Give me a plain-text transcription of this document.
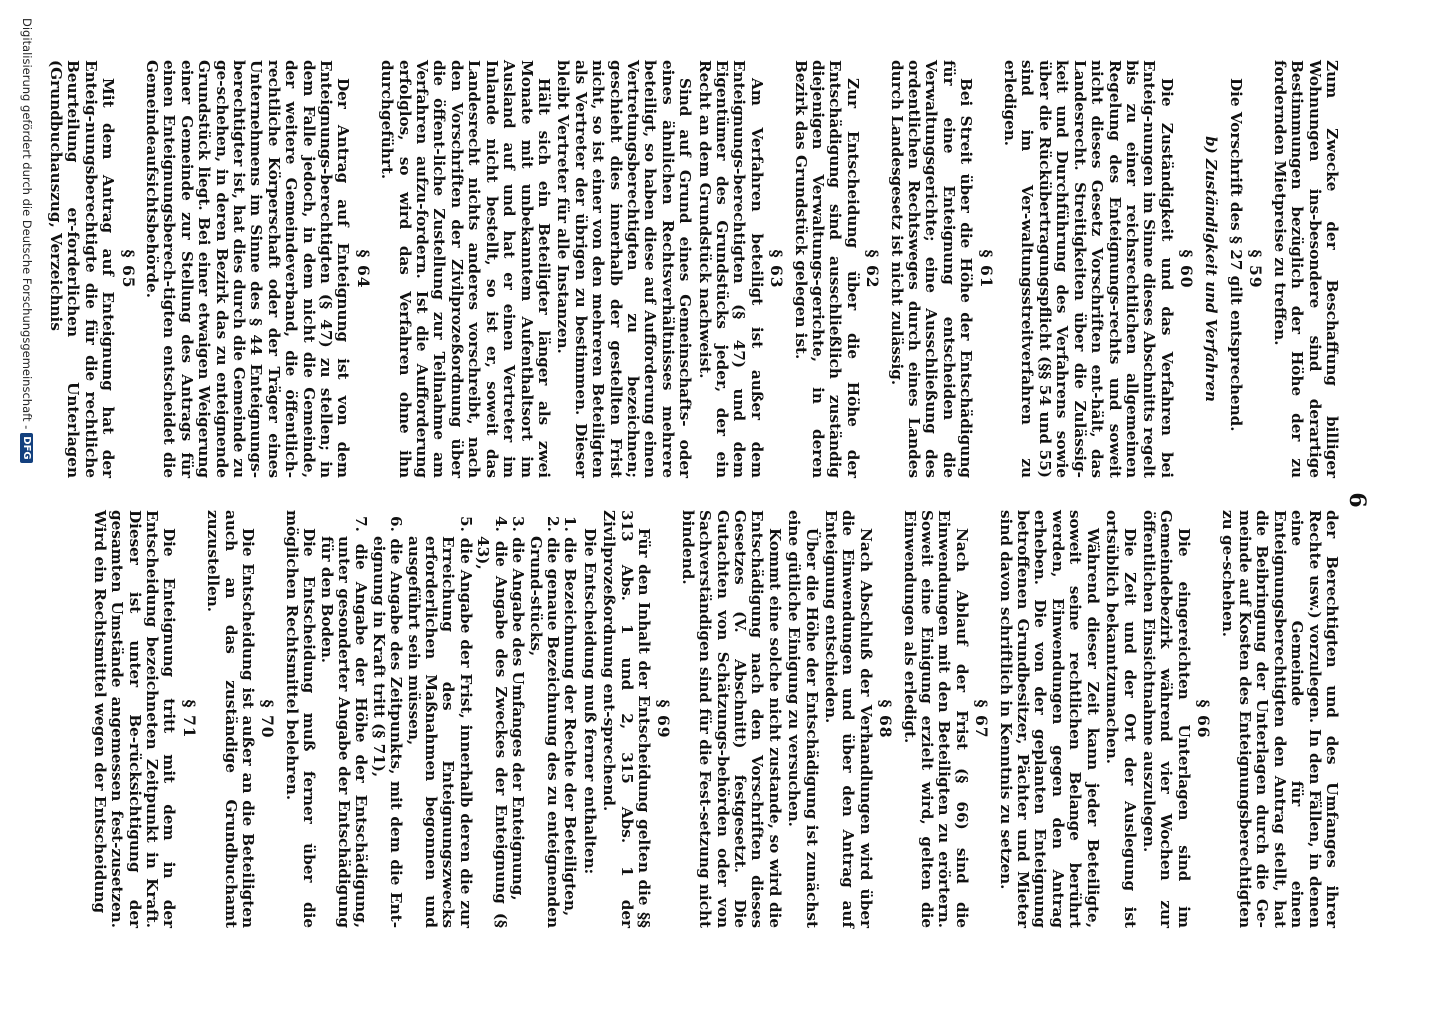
6

Zum Zwecke der Beschaffung billiger Wohnungen ins-besondere sind derartige Bestimmungen bezüglich der Höhe der zu fordernden Mietpreise zu treffen.

§ 59

Die Vorschrift des § 27 gilt entsprechend.

b) Zuständigkeit und Verfahren
§ 60

Die Zuständigkeit und das Verfahren bei Enteig-nungen im Sinne dieses Abschnitts regelt bis zu einer reichsrechtlichen allgemeinen Regelung des Enteignungs-rechts und soweit nicht dieses Gesetz Vorschriften ent-hält, das Landesrecht. Streitigkeiten über die Zulässig-keit und Durchführung des Verfahrens sowie über die Rückübertragungspflicht (§§ 54 und 55) sind im Ver-waltungsstreitverfahren zu erledigen.

§ 61

Bei Streit über die Höhe der Entschädigung für eine Enteignung entscheiden die Verwaltungsgerichte; eine Ausschließung des ordentlichen Rechtsweges durch eines Landes durch Landesgesetz ist nicht zulässig.

§ 62

Zur Entscheidung über die Höhe der Entschädigung sind ausschließlich zuständig diejenigen Verwaltungs-gerichte, in deren Bezirk das Grundstück gelegen ist.

§ 63

Am Verfahren beteiligt ist außer dem Enteignungs-berechtigten (§ 47) und dem Eigentümer des Grundstücks jeder, der ein Recht an dem Grundstück nachweist.

Sind auf Grund eines Gemeinschafts- oder eines ähnlichen Rechtsverhältnisses mehrere beteiligt, so haben diese auf Aufforderung einen Vertretungsberechtigten zu bezeichnen; geschieht dies innerhalb der gestellten Frist nicht, so ist einer von den mehreren Beteiligten als Vertreter der übrigen zu bestimmen. Dieser bleibt Vertreter für alle Instanzen.

Hält sich ein Beteiligter länger als zwei Monate mit unbekanntem Aufenthaltsort im Ausland auf und hat er einen Vertreter im Inlande nicht bestellt, so ist er, soweit das Landesrecht nichts anderes vorschreibt, nach den Vorschriften der Zivilprozeßordnung über die öffent-liche Zustellung zur Teilnahme am Verfahren aufzu-fordern. Ist die Aufforderung erfolglos, so wird das Verfahren ohne ihn durchgeführt.

§ 64

Der Antrag auf Enteignung ist von dem Enteignungs-berechtigten (§ 47) zu stellen; in dem Falle jedoch, in dem nicht die Gemeinde, der weitere Gemeindeverband, die öffentlich-rechtliche Körperschaft oder der Träger eines Unternehmens im Sinne des § 44 Enteignungs-berechtigter ist, hat dies durch die Gemeinde zu ge-schehen, in deren Bezirk das zu enteignende Grundstück liegt. Bei einer etwaigen Weigerung einer Gemeinde zur Stellung des Antrags für einen Enteignungsberech-tigten entscheidet die Gemeindeaufsichtsbehörde.

§ 65

Mit dem Antrag auf Enteignung hat der Enteig-nungsberechtigte die für die rechtliche Beurteilung er-forderlichen Unterlagen (Grundbuchauszug, Verzeichnis

der Berechtigten und des Umfanges ihrer Rechte usw.) vorzulegen. In den Fällen, in denen eine Gemeinde für einen Enteignungsberechtigten den Antrag stellt, hat die Beibringung der Unterlagen durch die Ge-meinde auf Kosten des Enteignungsberechtigten zu ge-schehen.

§ 66

Die eingereichten Unterlagen sind im Gemeindebezirk während vier Wochen zur öffentlichen Einsichtnahme auszulegen.

Die Zeit und der Ort der Auslegung ist ortsüblich bekanntzumachen.

Während dieser Zeit kann jeder Beteiligte, soweit seine rechtlichen Belange berührt werden, Einwendungen gegen den Antrag erheben. Die von der geplanten Enteignung betroffenen Grundbesitzer, Pächter und Mieter sind davon schriftlich in Kenntnis zu setzen.

§ 67

Nach Ablauf der Frist (§ 66) sind die Einwendungen mit den Beteiligten zu erörtern. Soweit eine Einigung erzielt wird, gelten die Einwendungen als erledigt.

§ 68

Nach Abschluß der Verhandlungen wird über die Einwendungen und über den Antrag auf Enteignung entschieden.

Über die Höhe der Entschädigung ist zunächst eine gütliche Einigung zu versuchen.

Kommt eine solche nicht zustande, so wird die Entschädigung nach den Vorschriften dieses Gesetzes (V. Abschnitt) festgesetzt. Die Gutachten von Schätzungs-behörden oder von Sachverständigen sind für die Fest-setzung nicht bindend.

§ 69

Für den Inhalt der Entscheidung gelten die §§ 313 Abs. 1 und 2, 315 Abs. 1 der Zivilprozeßordnung ent-sprechend.

Die Entscheidung muß ferner enthalten:

1. die Bezeichnung der Rechte der Beteiligten,
2. die genaue Bezeichnung des zu enteignenden Grund-stücks,
3. die Angabe des Umfanges der Enteignung,
4. die Angabe des Zweckes der Enteignung (§ 43),
5. die Angabe der Frist, innerhalb deren die zur Erreichung des Enteignungszwecks erforderlichen Maßnahmen begonnen und ausgeführt sein müssen,
6. die Angabe des Zeitpunkts, mit dem die Ent-eignung in Kraft tritt (§ 71),
7. die Angabe der Höhe der Entschädigung, unter gesonderter Angabe der Entschädigung für den Boden.

Die Entscheidung muß ferner über die möglichen Rechtsmittel belehren.

§ 70

Die Entscheidung ist außer an die Beteiligten auch an das zuständige Grundbuchamt zuzustellen.

§ 71

Die Enteignung tritt mit dem in der Entscheidung bezeichneten Zeitpunkt in Kraft. Dieser ist unter Be-rücksichtigung der gesamten Umstände angemessen fest-zusetzen. Wird ein Rechtsmittel wegen der Entscheidung

Digitalisierung gefördert durch die Deutsche Forschungsgemeinschaft -
DFG
